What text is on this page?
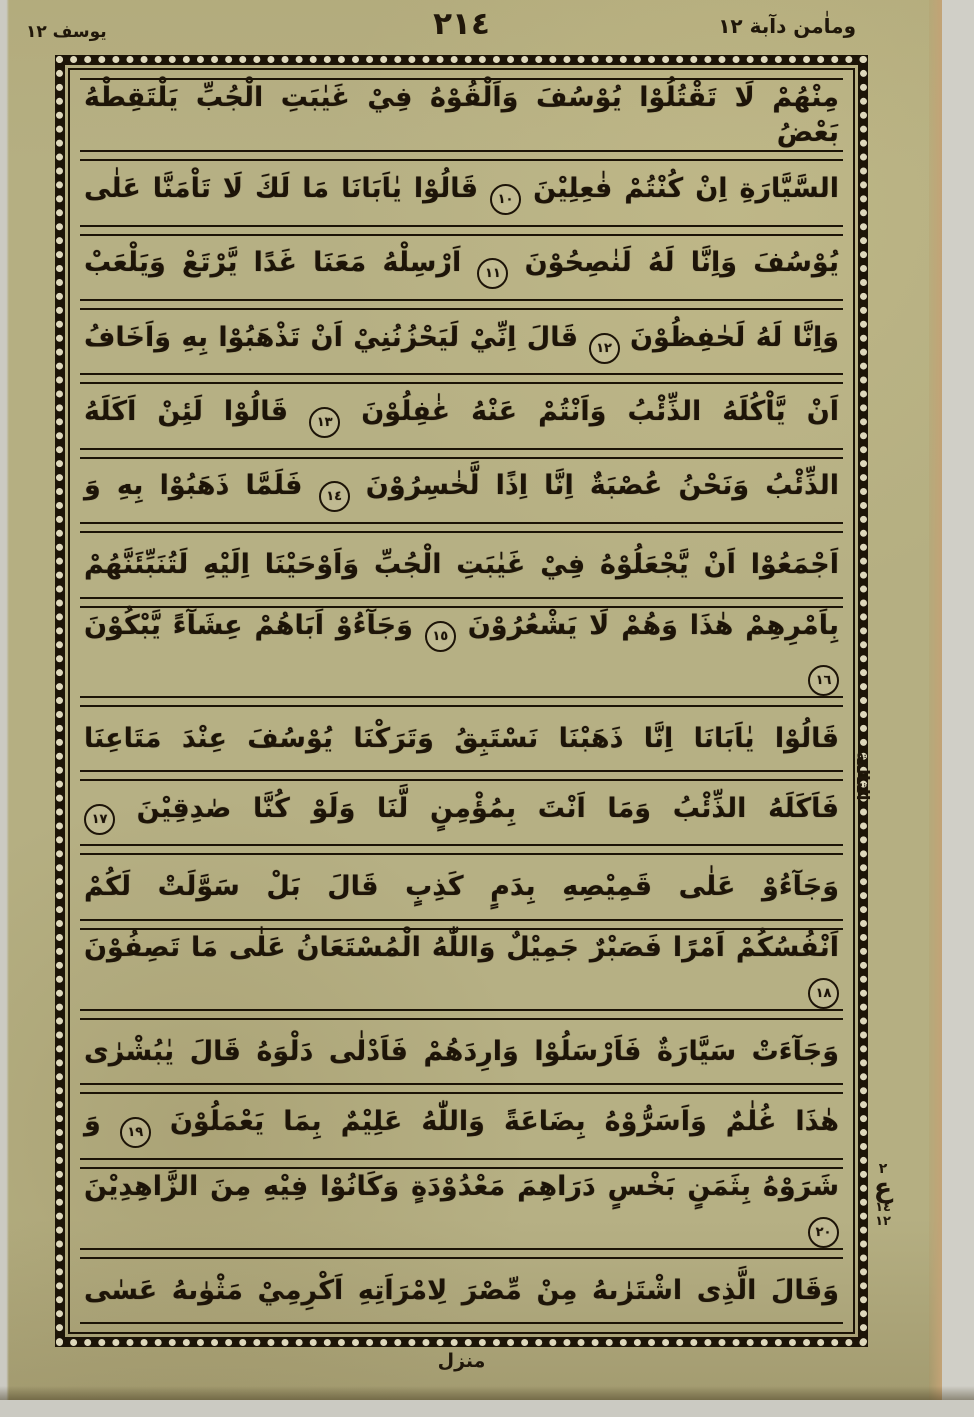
يوسف ١٢	٢١٤	وماٰمن دآبة ١٢

مِنْهُمْ لَا تَقْتُلُوْا يُوْسُفَ وَاَلْقُوْهُ فِيْ غَيٰبَتِ الْجُبِّ يَلْتَقِطْهُ بَعْضُ

السَّيَّارَةِ اِنْ كُنْتُمْ فٰعِلِيْنَ ١٠ قَالُوْا يٰاَبَانَا مَا لَكَ لَا تَاْمَنَّا عَلٰى

يُوْسُفَ وَاِنَّا لَهُ لَنٰصِحُوْنَ ١١ اَرْسِلْهُ مَعَنَا غَدًا يَّرْتَعْ وَيَلْعَبْ

وَاِنَّا لَهُ لَحٰفِظُوْنَ ١٢ قَالَ اِنِّيْ لَيَحْزُنُنِيْ اَنْ تَذْهَبُوْا بِهِ وَاَخَافُ

اَنْ يَّاْكُلَهُ الذِّئْبُ وَاَنْتُمْ عَنْهُ غٰفِلُوْنَ ١٣ قَالُوْا لَئِنْ اَكَلَهُ

الذِّئْبُ وَنَحْنُ عُصْبَةٌ اِنَّا اِذًا لَّخٰسِرُوْنَ ١٤ فَلَمَّا ذَهَبُوْا بِهِ وَ

اَجْمَعُوْا اَنْ يَّجْعَلُوْهُ فِيْ غَيٰبَتِ الْجُبِّ وَاَوْحَيْنَا اِلَيْهِ لَتُنَبِّئَنَّهُمْ

بِاَمْرِهِمْ هٰذَا وَهُمْ لَا يَشْعُرُوْنَ ١٥ وَجَآءُوْ اَبَاهُمْ عِشَآءً يَّبْكُوْنَ ١٦

قَالُوْا يٰاَبَانَا اِنَّا ذَهَبْنَا نَسْتَبِقُ وَتَرَكْنَا يُوْسُفَ عِنْدَ مَتَاعِنَا

فَاَكَلَهُ الذِّئْبُ وَمَا اَنْتَ بِمُؤْمِنٍ لَّنَا وَلَوْ كُنَّا صٰدِقِيْنَ ١٧

وَجَآءُوْ عَلٰى قَمِيْصِهِ بِدَمٍ كَذِبٍ قَالَ بَلْ سَوَّلَتْ لَكُمْ

اَنْفُسُكُمْ اَمْرًا فَصَبْرٌ جَمِيْلٌ وَاللّٰهُ الْمُسْتَعَانُ عَلٰى مَا تَصِفُوْنَ ١٨

وَجَآءَتْ سَيَّارَةٌ فَاَرْسَلُوْا وَارِدَهُمْ فَاَدْلٰى دَلْوَهُ قَالَ يٰبُشْرٰى

هٰذَا غُلٰمٌ وَاَسَرُّوْهُ بِضَاعَةً وَاللّٰهُ عَلِيْمٌ بِمَا يَعْمَلُوْنَ ١٩ وَ

شَرَوْهُ بِثَمَنٍ بَخْسٍ دَرَاهِمَ مَعْدُوْدَةٍ وَكَانُوْا فِيْهِ مِنَ الزَّاهِدِيْنَ ٢٠

وَقَالَ الَّذِى اشْتَرٰىهُ مِنْ مِّصْرَ لِامْرَاَتِهِ اَكْرِمِيْ مَثْوٰىهُ عَسٰى

الثالثة
٢
ع
١٤
١٢
منزل
